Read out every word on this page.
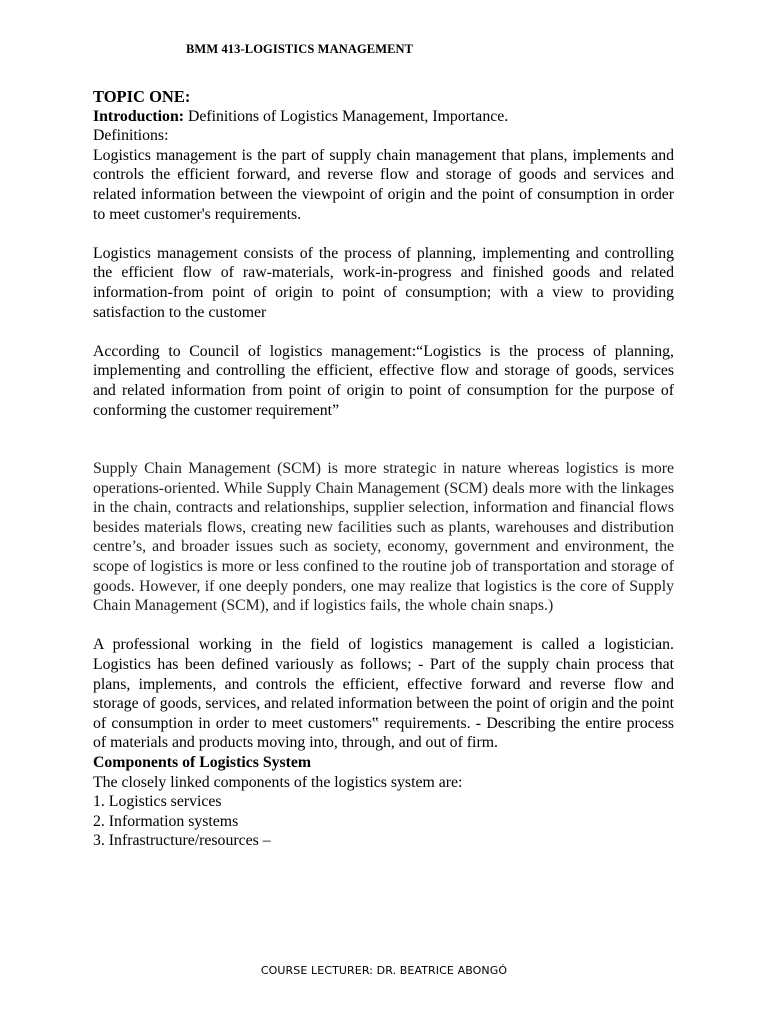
BMM 413-LOGISTICS MANAGEMENT
TOPIC ONE:
Introduction: Definitions of Logistics Management, Importance.
Definitions:

Logistics management is the part of supply chain management that plans, implements and controls the efficient forward, and reverse flow and storage of goods and services and related information between the viewpoint of origin and the point of consumption in order to meet customer's requirements.

Logistics management consists of the process of planning, implementing and controlling the efficient flow of raw-materials, work-in-progress and finished goods and related information-from point of origin to point of consumption; with a view to providing satisfaction to the customer

According to Council of logistics management:“Logistics is the process of planning, implementing and controlling the efficient, effective flow and storage of goods, services and related information from point of origin to point of consumption for the purpose of conforming the customer requirement”

Supply Chain Management (SCM) is more strategic in nature whereas logistics is more operations-oriented. While Supply Chain Management (SCM) deals more with the linkages in the chain, contracts and relationships, supplier selection, information and financial flows besides materials flows, creating new facilities such as plants, warehouses and distribution centre’s, and broader issues such as society, economy, government and environment, the scope of logistics is more or less confined to the routine job of transportation and storage of goods. However, if one deeply ponders, one may realize that logistics is the core of Supply Chain Management (SCM), and if logistics fails, the whole chain snaps.)

A professional working in the field of logistics management is called a logistician. Logistics has been defined variously as follows; - Part of the supply chain process that plans, implements, and controls the efficient, effective forward and reverse flow and storage of goods, services, and related information between the point of origin and the point of consumption in order to meet customers‟ requirements. - Describing the entire process of materials and products moving into, through, and out of firm.

Components of Logistics System
The closely linked components of the logistics system are:
1. Logistics services
2. Information systems
3. Infrastructure/resources –
COURSE LECTURER: DR. BEATRICE ABONGÓ
